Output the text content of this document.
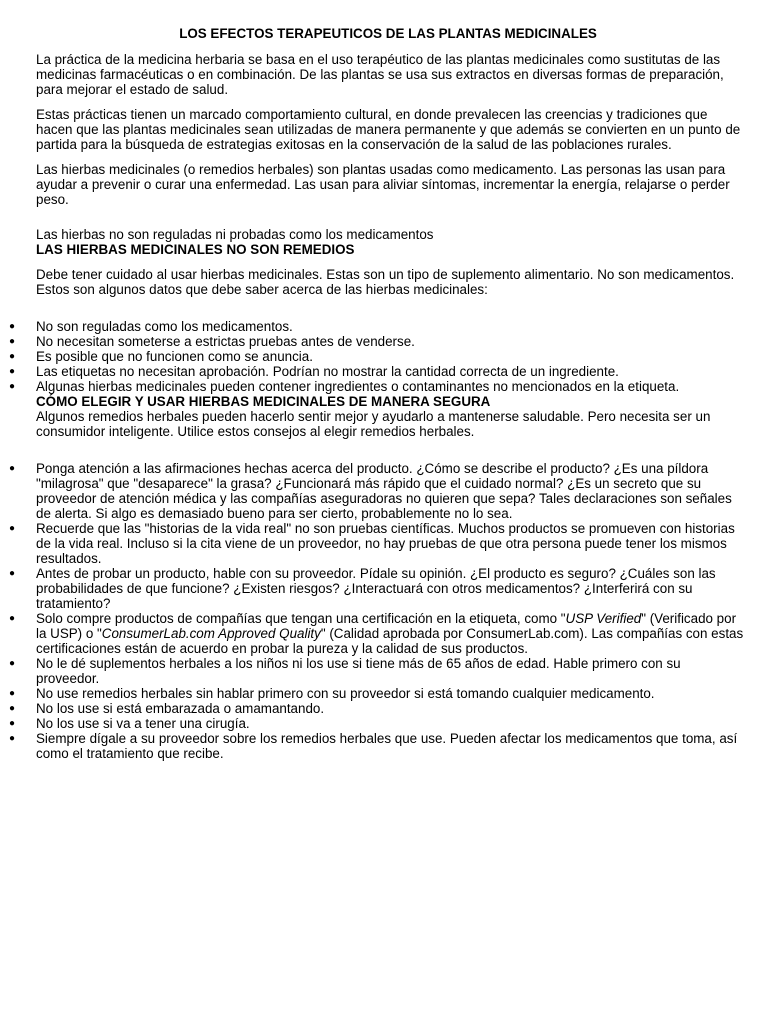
LOS EFECTOS TERAPEUTICOS DE LAS PLANTAS MEDICINALES

La práctica de la medicina herbaria se basa en el uso terapéutico de las plantas medicinales como sustitutas de las medicinas farmacéuticas o en combinación. De las plantas se usa sus extractos en diversas formas de preparación, para mejorar el estado de salud.

Estas prácticas tienen un marcado comportamiento cultural, en donde prevalecen las creencias y tradiciones que hacen que las plantas medicinales sean utilizadas de manera permanente y que además se convierten en un punto de partida para la búsqueda de estrategias exitosas en la conservación de la salud de las poblaciones rurales.

Las hierbas medicinales (o remedios herbales) son plantas usadas como medicamento. Las personas las usan para ayudar a prevenir o curar una enfermedad. Las usan para aliviar síntomas, incrementar la energía, relajarse o perder peso.

Las hierbas no son reguladas ni probadas como los medicamentos

LAS HIERBAS MEDICINALES NO SON REMEDIOS

Debe tener cuidado al usar hierbas medicinales. Estas son un tipo de suplemento alimentario. No son medicamentos. Estos son algunos datos que debe saber acerca de las hierbas medicinales:

● No son reguladas como los medicamentos.
● No necesitan someterse a estrictas pruebas antes de venderse.
● Es posible que no funcionen como se anuncia.
● Las etiquetas no necesitan aprobación. Podrían no mostrar la cantidad correcta de un ingrediente.
● Algunas hierbas medicinales pueden contener ingredientes o contaminantes no mencionados en la etiqueta.
CÓMO ELEGIR Y USAR HIERBAS MEDICINALES DE MANERA SEGURA

Algunos remedios herbales pueden hacerlo sentir mejor y ayudarlo a mantenerse saludable. Pero necesita ser un consumidor inteligente. Utilice estos consejos al elegir remedios herbales.

● Ponga atención a las afirmaciones hechas acerca del producto. ¿Cómo se describe el producto? ¿Es una píldora "milagrosa" que "desaparece" la grasa? ¿Funcionará más rápido que el cuidado normal? ¿Es un secreto que su proveedor de atención médica y las compañías aseguradoras no quieren que sepa? Tales declaraciones son señales de alerta. Si algo es demasiado bueno para ser cierto, probablemente no lo sea.
● Recuerde que las "historias de la vida real" no son pruebas científicas. Muchos productos se promueven con historias de la vida real. Incluso si la cita viene de un proveedor, no hay pruebas de que otra persona puede tener los mismos resultados.
● Antes de probar un producto, hable con su proveedor. Pídale su opinión. ¿El producto es seguro? ¿Cuáles son las probabilidades de que funcione? ¿Existen riesgos? ¿Interactuará con otros medicamentos? ¿Interferirá con su tratamiento?
● Solo compre productos de compañías que tengan una certificación en la etiqueta, como "USP Verified" (Verificado por la USP) o "ConsumerLab.com Approved Quality" (Calidad aprobada por ConsumerLab.com). Las compañías con estas certificaciones están de acuerdo en probar la pureza y la calidad de sus productos.
● No le dé suplementos herbales a los niños ni los use si tiene más de 65 años de edad. Hable primero con su proveedor.
● No use remedios herbales sin hablar primero con su proveedor si está tomando cualquier medicamento.
● No los use si está embarazada o amamantando.
● No los use si va a tener una cirugía.
● Siempre dígale a su proveedor sobre los remedios herbales que use. Pueden afectar los medicamentos que toma, así como el tratamiento que recibe.
